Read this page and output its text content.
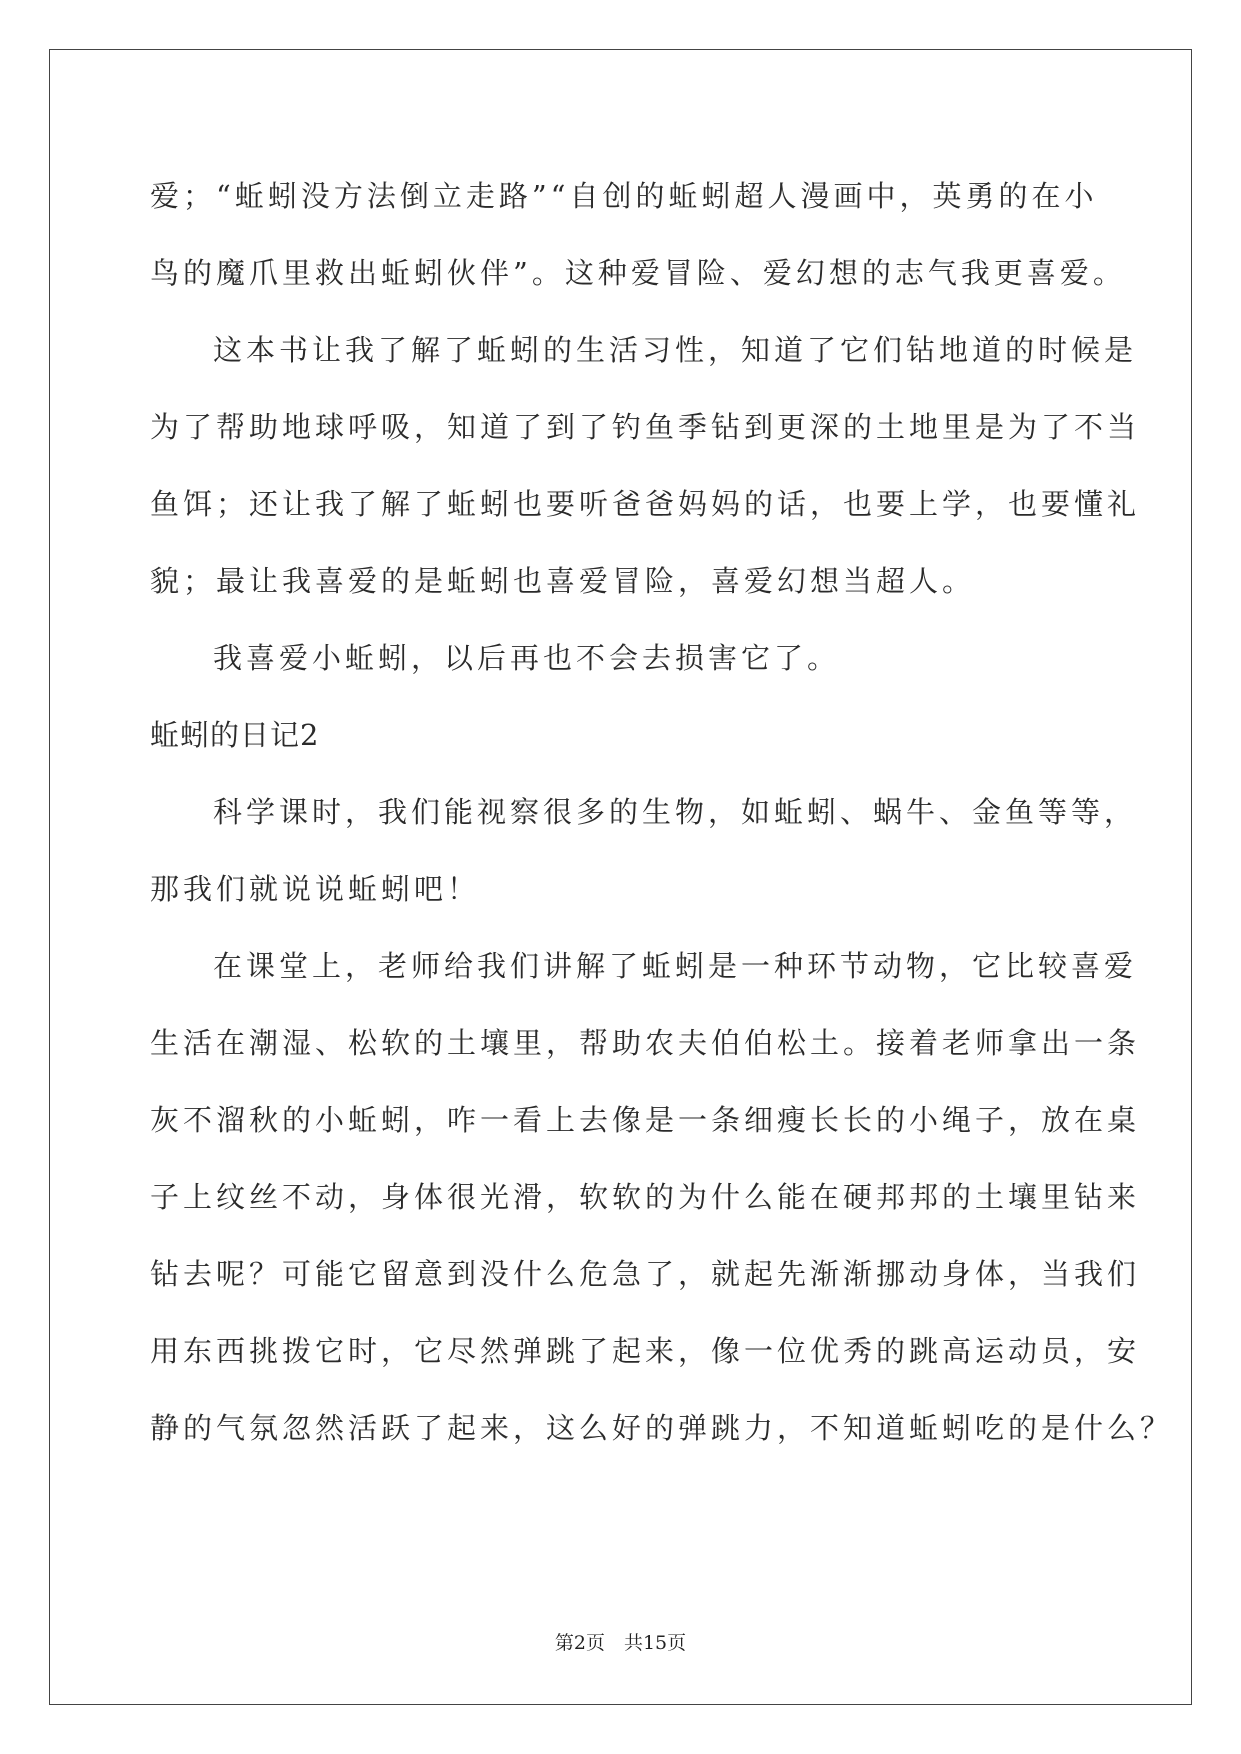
爱；“蚯蚓没方法倒立走路”“自创的蚯蚓超人漫画中，英勇的在小

鸟的魔爪里救出蚯蚓伙伴”。这种爱冒险、爱幻想的志气我更喜爱。

这本书让我了解了蚯蚓的生活习性，知道了它们钻地道的时候是

为了帮助地球呼吸，知道了到了钓鱼季钻到更深的土地里是为了不当

鱼饵；还让我了解了蚯蚓也要听爸爸妈妈的话，也要上学，也要懂礼

貌；最让我喜爱的是蚯蚓也喜爱冒险，喜爱幻想当超人。

我喜爱小蚯蚓，以后再也不会去损害它了。

蚯蚓的日记2

科学课时，我们能视察很多的生物，如蚯蚓、蜗牛、金鱼等等，

那我们就说说蚯蚓吧！

在课堂上，老师给我们讲解了蚯蚓是一种环节动物，它比较喜爱

生活在潮湿、松软的土壤里，帮助农夫伯伯松土。接着老师拿出一条

灰不溜秋的小蚯蚓，咋一看上去像是一条细瘦长长的小绳子，放在桌

子上纹丝不动，身体很光滑，软软的为什么能在硬邦邦的土壤里钻来

钻去呢？可能它留意到没什么危急了，就起先渐渐挪动身体，当我们

用东西挑拨它时，它尽然弹跳了起来，像一位优秀的跳高运动员，安

静的气氛忽然活跃了起来，这么好的弹跳力，不知道蚯蚓吃的是什么？

第2页　共15页
